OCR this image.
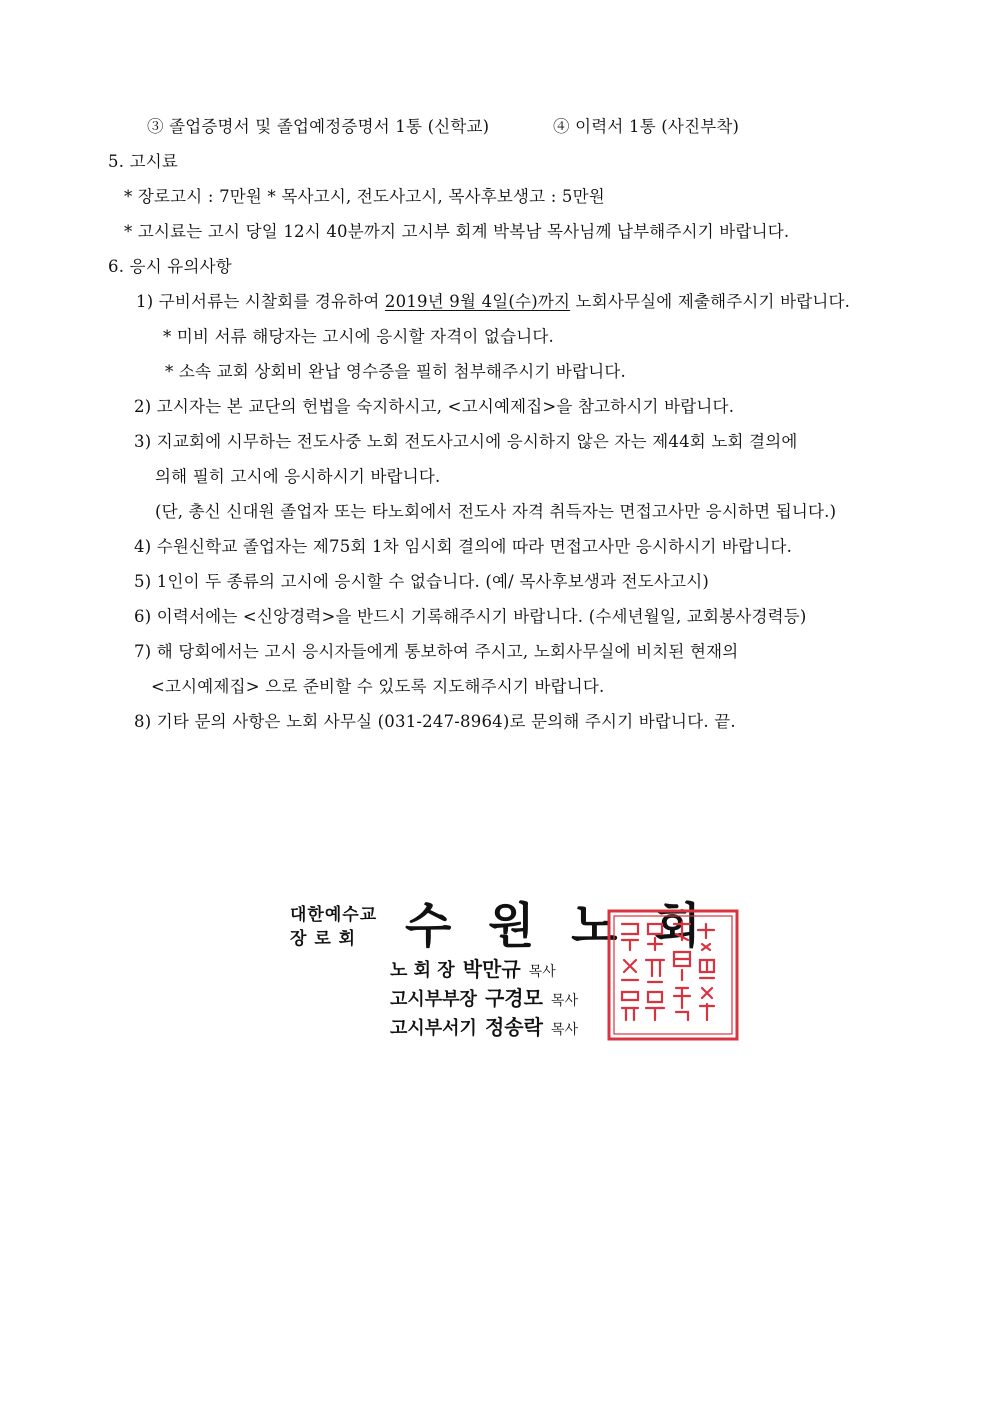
③ 졸업증명서 및 졸업예정증명서 1통 (신학교)	④ 이력서 1통 (사진부착)
5. 고시료
* 장로고시 : 7만원 * 목사고시, 전도사고시, 목사후보생고 : 5만원
* 고시료는 고시 당일 12시 40분까지 고시부 회계 박복남 목사님께 납부해주시기 바랍니다.
6. 응시 유의사항
1) 구비서류는 시찰회를 경유하여 2019년 9월 4일(수)까지 노회사무실에 제출해주시기 바랍니다.
* 미비 서류 해당자는 고시에 응시할 자격이 없습니다.
* 소속 교회 상회비 완납 영수증을 필히 첨부해주시기 바랍니다.
2) 고시자는 본 교단의 헌법을 숙지하시고, <고시예제집>을 참고하시기 바랍니다.
3) 지교회에 시무하는 전도사중 노회 전도사고시에 응시하지 않은 자는 제44회 노회 결의에
의해 필히 고시에 응시하시기 바랍니다.
(단, 총신 신대원 졸업자 또는 타노회에서 전도사 자격 취득자는 면접고사만 응시하면 됩니다.)
4) 수원신학교 졸업자는 제75회 1차 임시회 결의에 따라 면접고사만 응시하시기 바랍니다.
5) 1인이 두 종류의 고시에 응시할 수 없습니다. (예/ 목사후보생과 전도사고시)
6) 이력서에는 <신앙경력>을 반드시 기록해주시기 바랍니다. (수세년월일, 교회봉사경력등)
7) 해 당회에서는 고시 응시자들에게 통보하여 주시고, 노회사무실에 비치된 현재의
<고시예제집> 으로 준비할 수 있도록 지도해주시기 바랍니다.
8) 기타 문의 사항은 노회 사무실 (031-247-8964)로 문의해 주시기 바랍니다. 끝.
대한예수교
장 로 회 수 원 노 회
노 회 장 박만규 목사
고시부부장 구경모 목사
고시부서기 정송락 목사
